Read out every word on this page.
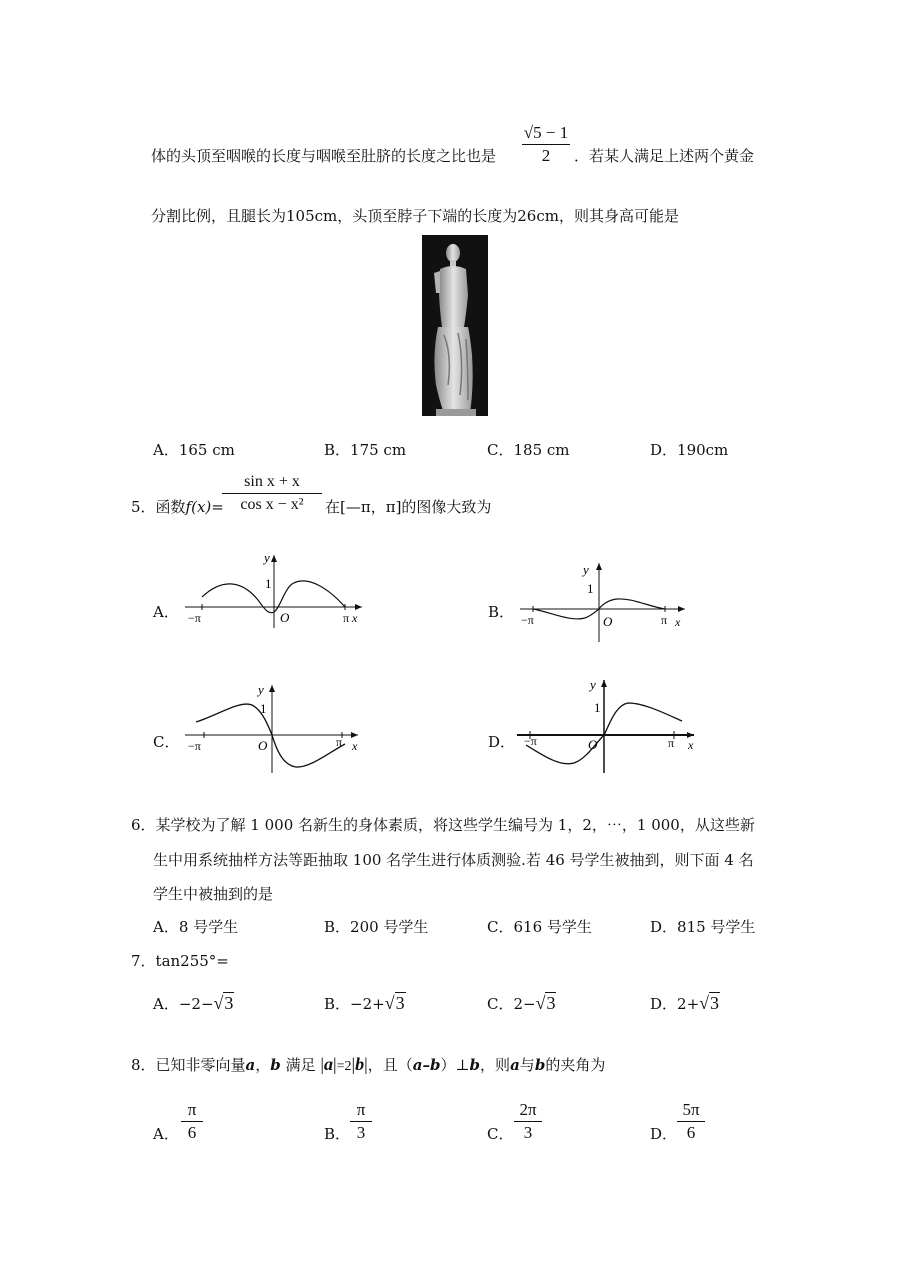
体的头顶至咽喉的长度与咽喉至肚脐的长度之比也是
√5 − 1
2	．若某人满足上述两个黄金
分割比例，且腿长为105cm，头顶至脖子下端的长度为26cm，则其身高可能是
A．165 cm	B．175 cm	C．185 cm	D．190cm
5．函数f(x)=
sin x + x
cos x − x²	在[—π，π]的图像大致为
A．	B．
C．	D．
y
1
O
−π	π x
y
1
O
−π	π x
y
1
O
−π	π x
y
1
O
−π	π x
6．某学校为了解 1 000 名新生的身体素质，将这些学生编号为 1，2，⋯，1 000，从这些新
生中用系统抽样方法等距抽取 100 名学生进行体质测验.若 46 号学生被抽到，则下面 4 名
学生中被抽到的是
A．8 号学生	B．200 号学生	C．616 号学生	D．815 号学生
7．tan255°=
A．−2−√3	B．−2+√3	C．2−√3	D．2+√3
8．已知非零向量a，b 满足 |a|=2|b|，且（a–b）⊥b，则a与b的夹角为
A．
π
6	B．
π
3	C．
2π
3	D．
5π
6
